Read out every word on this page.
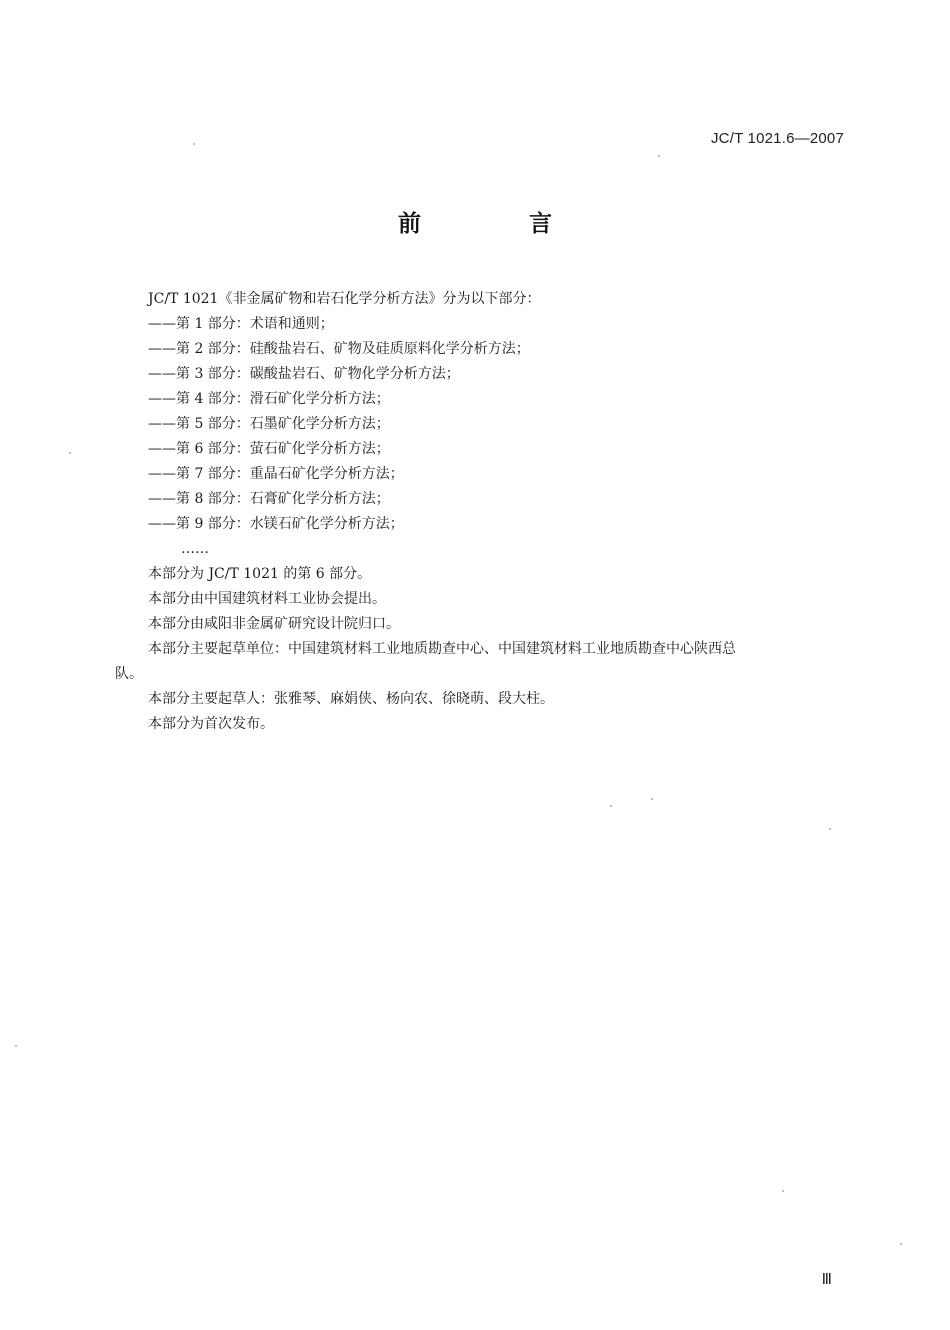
JC/T 1021.6—2007
前 言
JC/T 1021《非金属矿物和岩石化学分析方法》分为以下部分：
——第 1 部分：术语和通则；
——第 2 部分：硅酸盐岩石、矿物及硅质原料化学分析方法；
——第 3 部分：碳酸盐岩石、矿物化学分析方法；
——第 4 部分：滑石矿化学分析方法；
——第 5 部分：石墨矿化学分析方法；
——第 6 部分：萤石矿化学分析方法；
——第 7 部分：重晶石矿化学分析方法；
——第 8 部分：石膏矿化学分析方法；
——第 9 部分：水镁石矿化学分析方法；
……
本部分为 JC/T 1021 的第 6 部分。
本部分由中国建筑材料工业协会提出。
本部分由咸阳非金属矿研究设计院归口。
本部分主要起草单位：中国建筑材料工业地质勘查中心、中国建筑材料工业地质勘查中心陕西总
队。
本部分主要起草人：张雅琴、麻娟侠、杨向农、徐晓萌、段大柱。
本部分为首次发布。
Ⅲ
